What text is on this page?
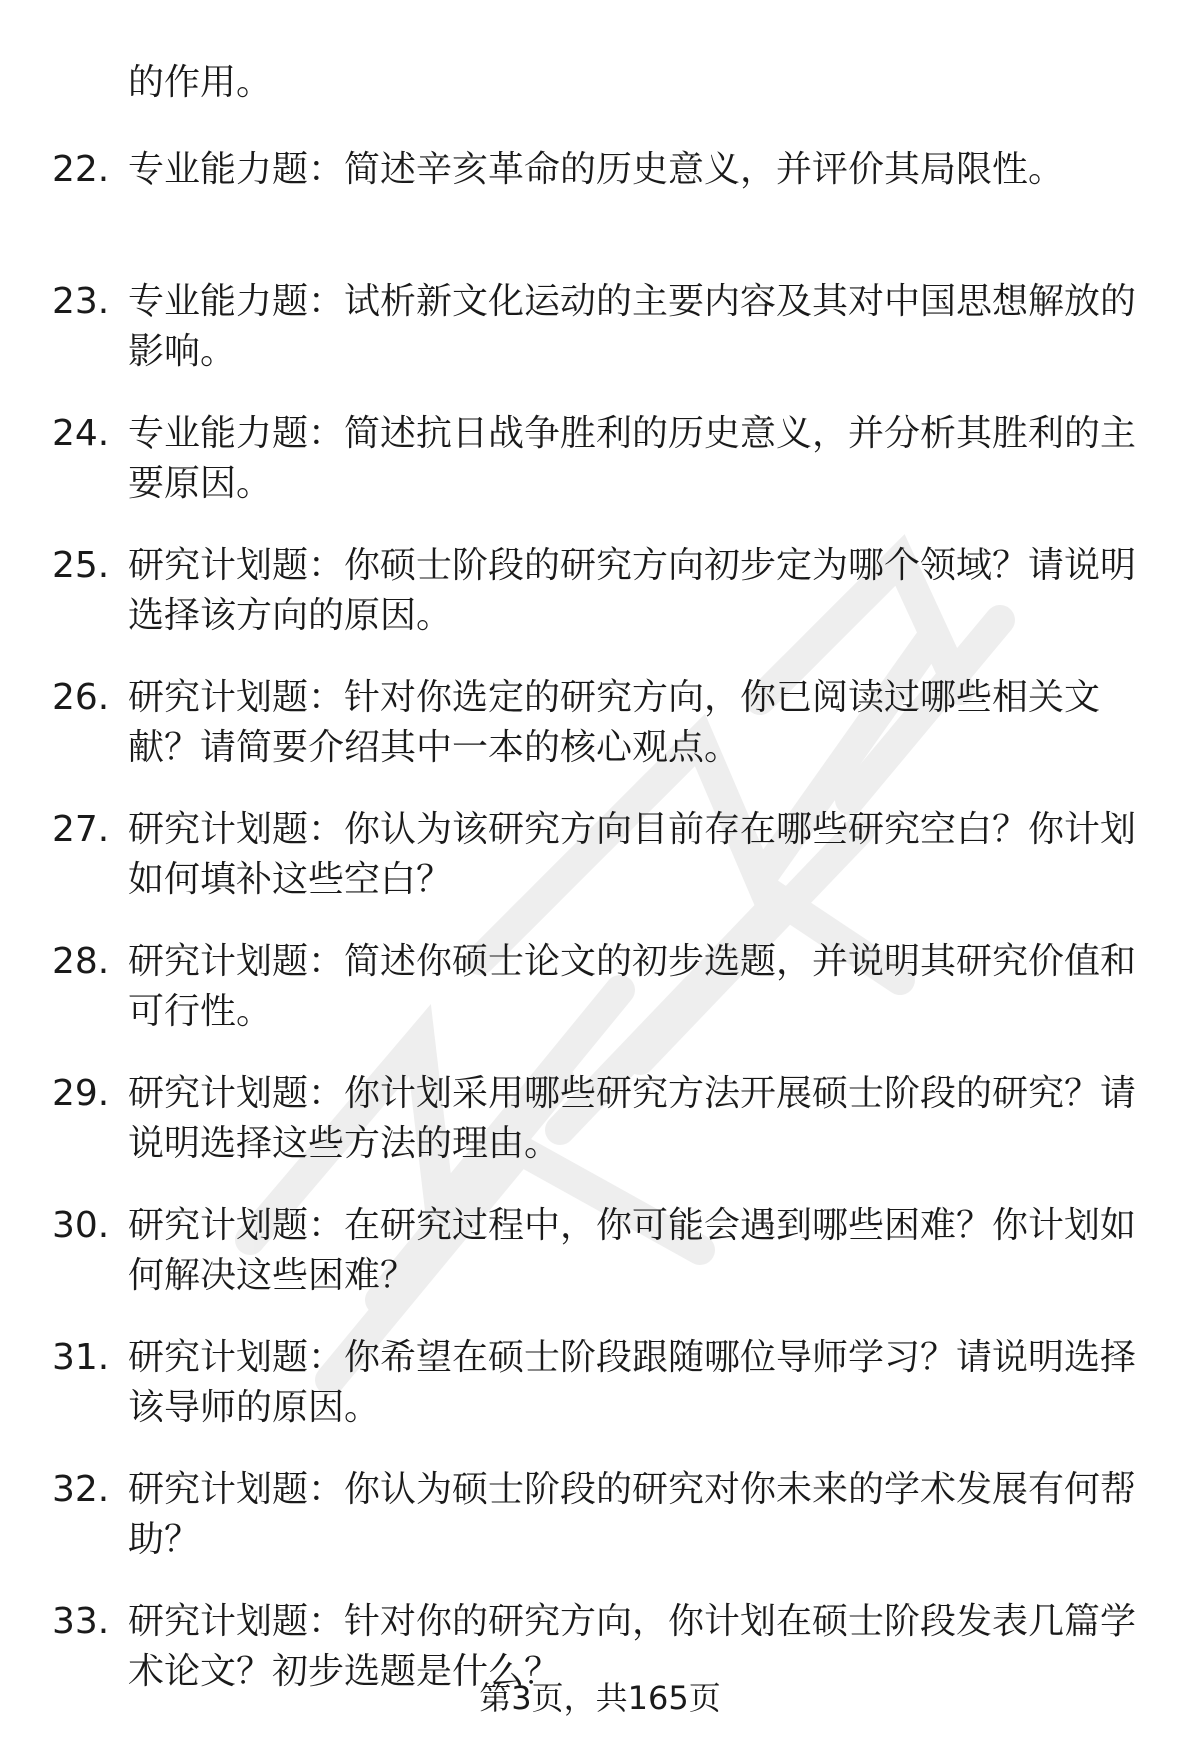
的作用。
22. 专业能力题：简述辛亥革命的历史意义，并评价其局限性。
23. 专业能力题：试析新文化运动的主要内容及其对中国思想解放的
影响。
24. 专业能力题：简述抗日战争胜利的历史意义，并分析其胜利的主
要原因。
25. 研究计划题：你硕士阶段的研究方向初步定为哪个领域？请说明
选择该方向的原因。
26. 研究计划题：针对你选定的研究方向，你已阅读过哪些相关文
献？请简要介绍其中一本的核心观点。
27. 研究计划题：你认为该研究方向目前存在哪些研究空白？你计划
如何填补这些空白？
28. 研究计划题：简述你硕士论文的初步选题，并说明其研究价值和
可行性。
29. 研究计划题：你计划采用哪些研究方法开展硕士阶段的研究？请
说明选择这些方法的理由。
30. 研究计划题：在研究过程中，你可能会遇到哪些困难？你计划如
何解决这些困难？
31. 研究计划题：你希望在硕士阶段跟随哪位导师学习？请说明选择
该导师的原因。
32. 研究计划题：你认为硕士阶段的研究对你未来的学术发展有何帮
助？
33. 研究计划题：针对你的研究方向，你计划在硕士阶段发表几篇学
术论文？初步选题是什么？
第3页，共165页
